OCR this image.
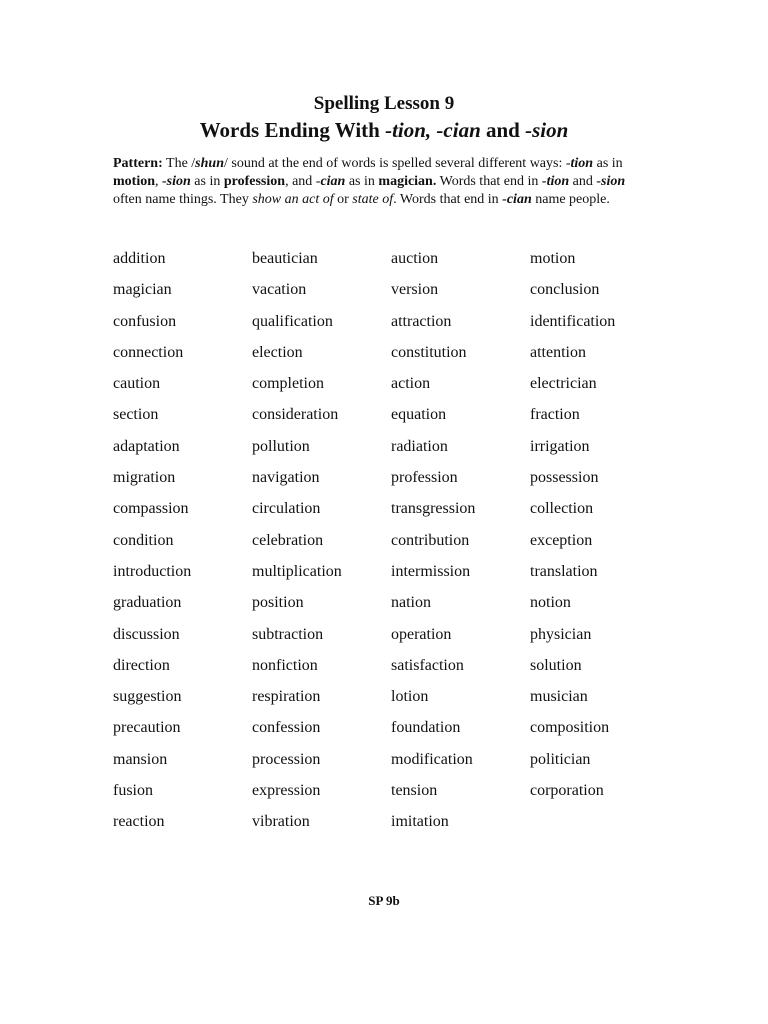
Spelling Lesson 9
Words Ending With -tion, -cian and -sion
Pattern: The /shun/ sound at the end of words is spelled several different ways: -tion as in motion, -sion as in profession, and -cian as in magician. Words that end in -tion and -sion often name things. They show an act of or state of. Words that end in -cian name people.
addition	beautician	auction	motion
magician	vacation	version	conclusion
confusion	qualification	attraction	identification
connection	election	constitution	attention
caution	completion	action	electrician
section	consideration	equation	fraction
adaptation	pollution	radiation	irrigation
migration	navigation	profession	possession
compassion	circulation	transgression	collection
condition	celebration	contribution	exception
introduction	multiplication	intermission	translation
graduation	position	nation	notion
discussion	subtraction	operation	physician
direction	nonfiction	satisfaction	solution
suggestion	respiration	lotion	musician
precaution	confession	foundation	composition
mansion	procession	modification	politician
fusion	expression	tension	corporation
reaction	vibration	imitation
SP 9b
